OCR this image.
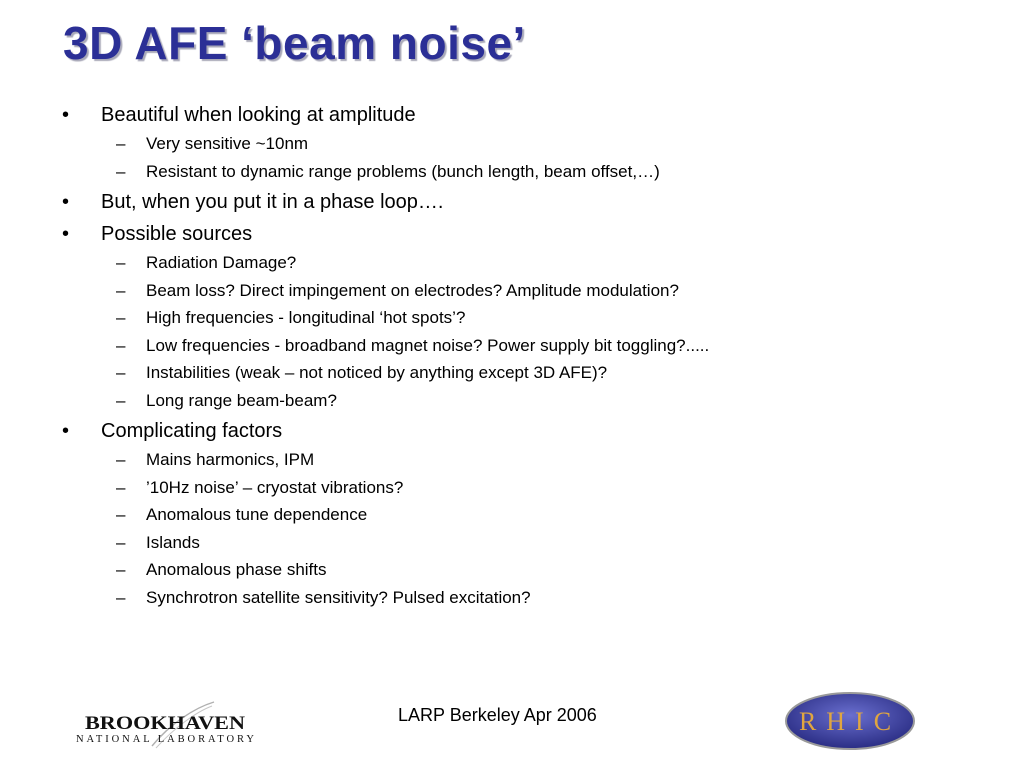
3D AFE ‘beam noise’
• Beautiful when looking at amplitude
– Very sensitive ~10nm
– Resistant to dynamic range problems (bunch length, beam offset,…)
• But, when you put it in a phase loop….
• Possible sources
– Radiation Damage?
– Beam loss? Direct impingement on electrodes? Amplitude modulation?
– High frequencies - longitudinal ‘hot spots’?
– Low frequencies - broadband magnet noise? Power supply bit toggling?.....
– Instabilities (weak – not noticed by anything except 3D AFE)?
– Long range beam-beam?
• Complicating factors
– Mains harmonics, IPM
– ’10Hz noise’ – cryostat vibrations?
– Anomalous tune dependence
– Islands
– Anomalous phase shifts
– Synchrotron satellite sensitivity? Pulsed excitation?
BROOKHAVEN
NATIONAL LABORATORY
LARP Berkeley Apr 2006	RHIC
